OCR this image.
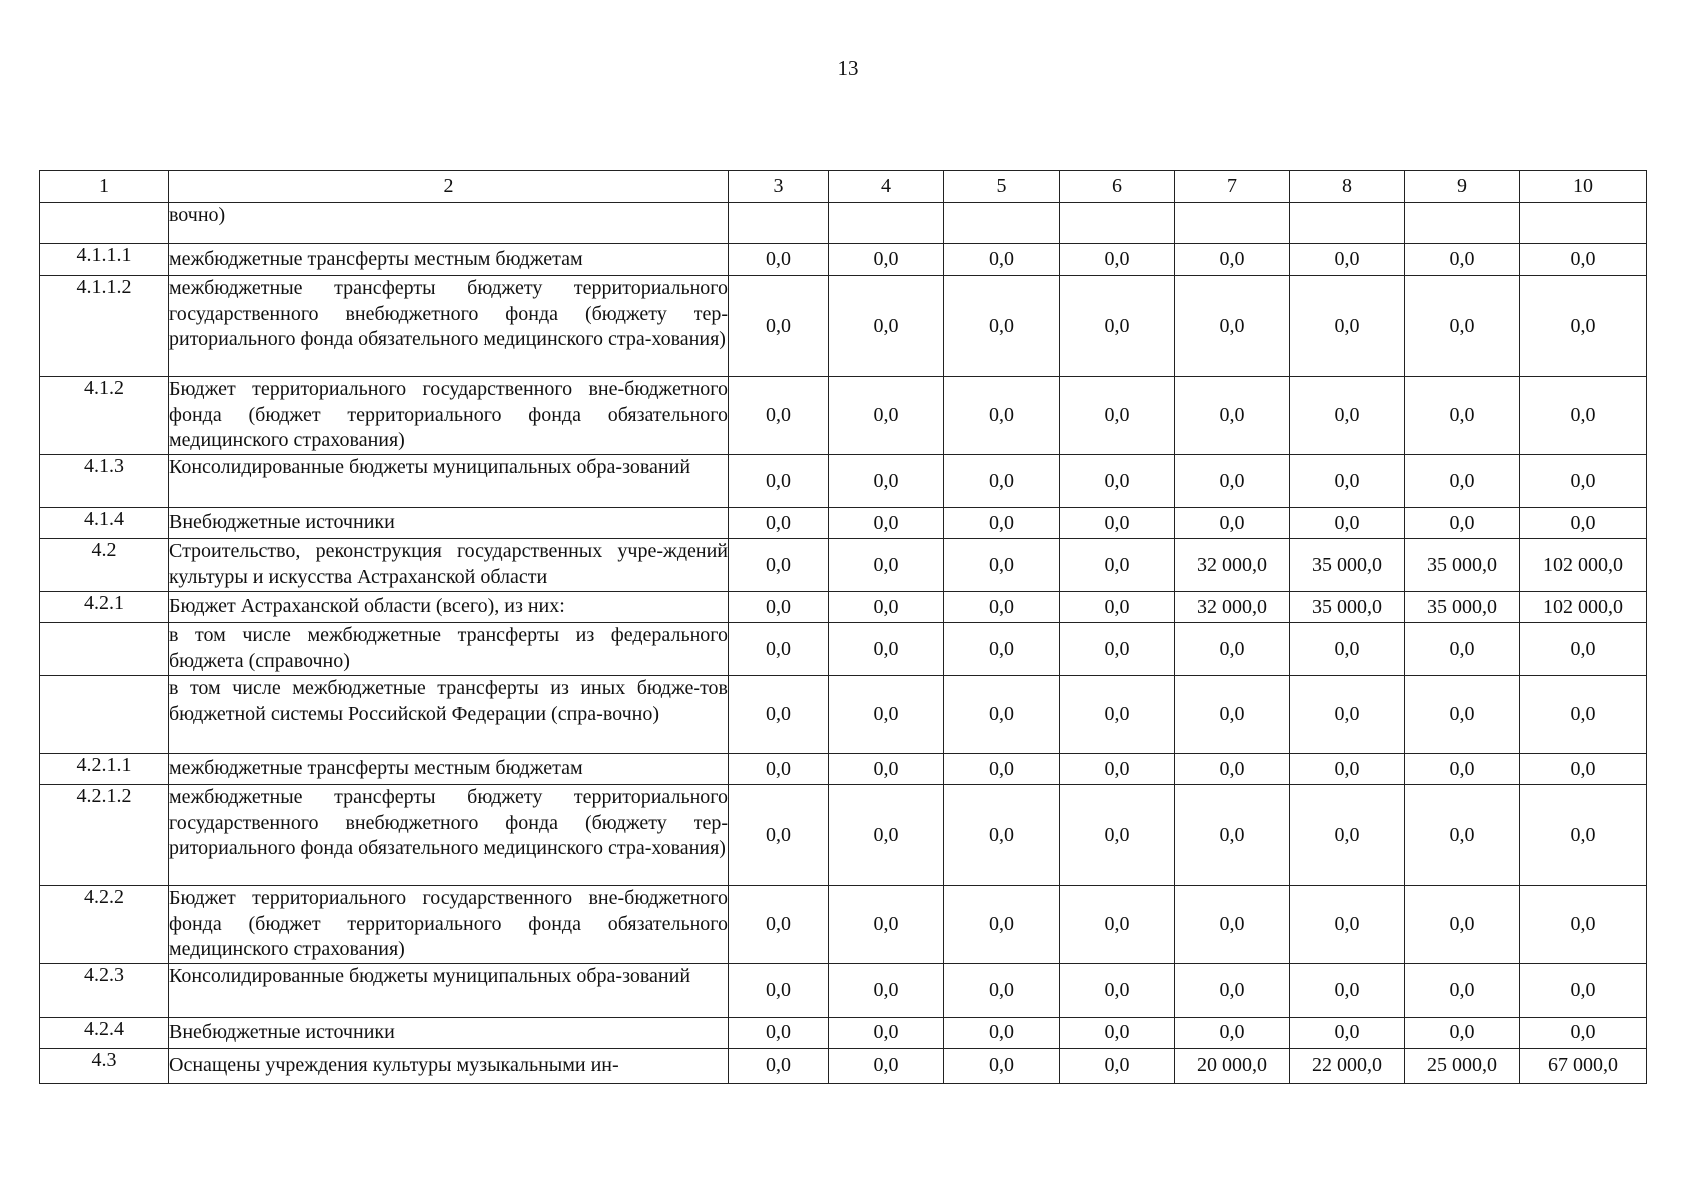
13
1	2	3	4	5	6	7	8	9	10
	вочно)								
4.1.1.1	межбюджетные трансферты местным бюджетам	0,0	0,0	0,0	0,0	0,0	0,0	0,0	0,0
4.1.1.2	межбюджетные трансферты бюджету территориального государственного внебюджетного фонда (бюджету тер-риториального фонда обязательного медицинского стра-хования)	0,0	0,0	0,0	0,0	0,0	0,0	0,0	0,0
4.1.2	Бюджет территориального государственного вне-бюджетного фонда (бюджет территориального фонда обязательного медицинского страхования)	0,0	0,0	0,0	0,0	0,0	0,0	0,0	0,0
4.1.3	Консолидированные бюджеты муниципальных обра-зований	0,0	0,0	0,0	0,0	0,0	0,0	0,0	0,0
4.1.4	Внебюджетные источники	0,0	0,0	0,0	0,0	0,0	0,0	0,0	0,0
4.2	Строительство, реконструкция государственных учре-ждений культуры и искусства Астраханской области	0,0	0,0	0,0	0,0	32 000,0	35 000,0	35 000,0	102 000,0
4.2.1	Бюджет Астраханской области (всего), из них:	0,0	0,0	0,0	0,0	32 000,0	35 000,0	35 000,0	102 000,0
	в том числе межбюджетные трансферты из федерального бюджета (справочно)	0,0	0,0	0,0	0,0	0,0	0,0	0,0	0,0
	в том числе межбюджетные трансферты из иных бюдже-тов бюджетной системы Российской Федерации (спра-вочно)	0,0	0,0	0,0	0,0	0,0	0,0	0,0	0,0
4.2.1.1	межбюджетные трансферты местным бюджетам	0,0	0,0	0,0	0,0	0,0	0,0	0,0	0,0
4.2.1.2	межбюджетные трансферты бюджету территориального государственного внебюджетного фонда (бюджету тер-риториального фонда обязательного медицинского стра-хования)	0,0	0,0	0,0	0,0	0,0	0,0	0,0	0,0
4.2.2	Бюджет территориального государственного вне-бюджетного фонда (бюджет территориального фонда обязательного медицинского страхования)	0,0	0,0	0,0	0,0	0,0	0,0	0,0	0,0
4.2.3	Консолидированные бюджеты муниципальных обра-зований	0,0	0,0	0,0	0,0	0,0	0,0	0,0	0,0
4.2.4	Внебюджетные источники	0,0	0,0	0,0	0,0	0,0	0,0	0,0	0,0
4.3	Оснащены учреждения культуры музыкальными ин-	0,0	0,0	0,0	0,0	20 000,0	22 000,0	25 000,0	67 000,0
